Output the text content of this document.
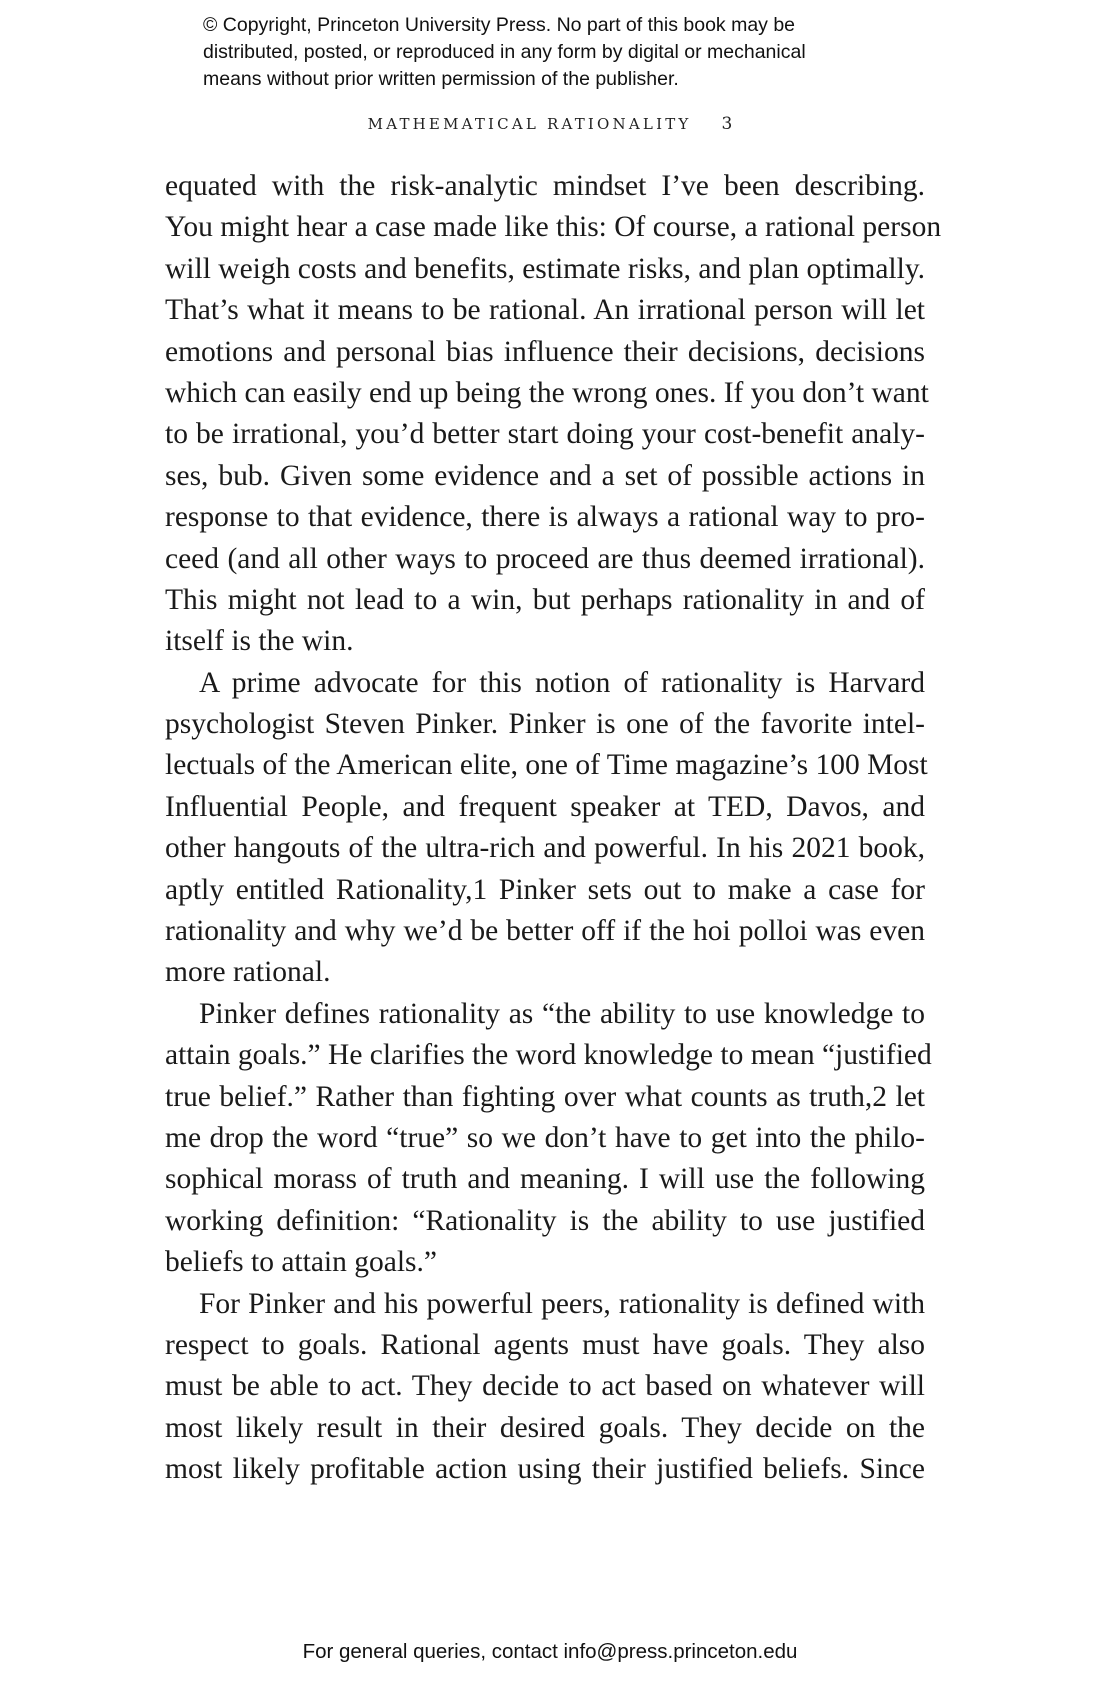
© Copyright, Princeton University Press. No part of this book may be
distributed, posted, or reproduced in any form by digital or mechanical
means without prior written permission of the publisher.
MATHEMATICAL RATIONALITY 3
equated with the risk-analytic mindset I’ve been describing.
You might hear a case made like this: Of course, a rational person
will weigh costs and benefits, estimate risks, and plan optimally.
That’s what it means to be rational. An irrational person will let
emotions and personal bias influence their decisions, decisions
which can easily end up being the wrong ones. If you don’t want
to be irrational, you’d better start doing your cost-benefit analy-
ses, bub. Given some evidence and a set of possible actions in
response to that evidence, there is always a rational way to pro-
ceed (and all other ways to proceed are thus deemed irrational).
This might not lead to a win, but perhaps rationality in and of
itself is the win.
A prime advocate for this notion of rationality is Harvard
psychologist Steven Pinker. Pinker is one of the favorite intel-
lectuals of the American elite, one of Time magazine’s 100 Most
Influential People, and frequent speaker at TED, Davos, and
other hangouts of the ultra-rich and powerful. In his 2021 book,
aptly entitled Rationality,1 Pinker sets out to make a case for
rationality and why we’d be better off if the hoi polloi was even
more rational.
Pinker defines rationality as “the ability to use knowledge to
attain goals.” He clarifies the word knowledge to mean “justified
true belief.” Rather than fighting over what counts as truth,2 let
me drop the word “true” so we don’t have to get into the philo-
sophical morass of truth and meaning. I will use the following
working definition: “Rationality is the ability to use justified
beliefs to attain goals.”
For Pinker and his powerful peers, rationality is defined with
respect to goals. Rational agents must have goals. They also
must be able to act. They decide to act based on whatever will
most likely result in their desired goals. They decide on the
most likely profitable action using their justified beliefs. Since
For general queries, contact info@press.princeton.edu
